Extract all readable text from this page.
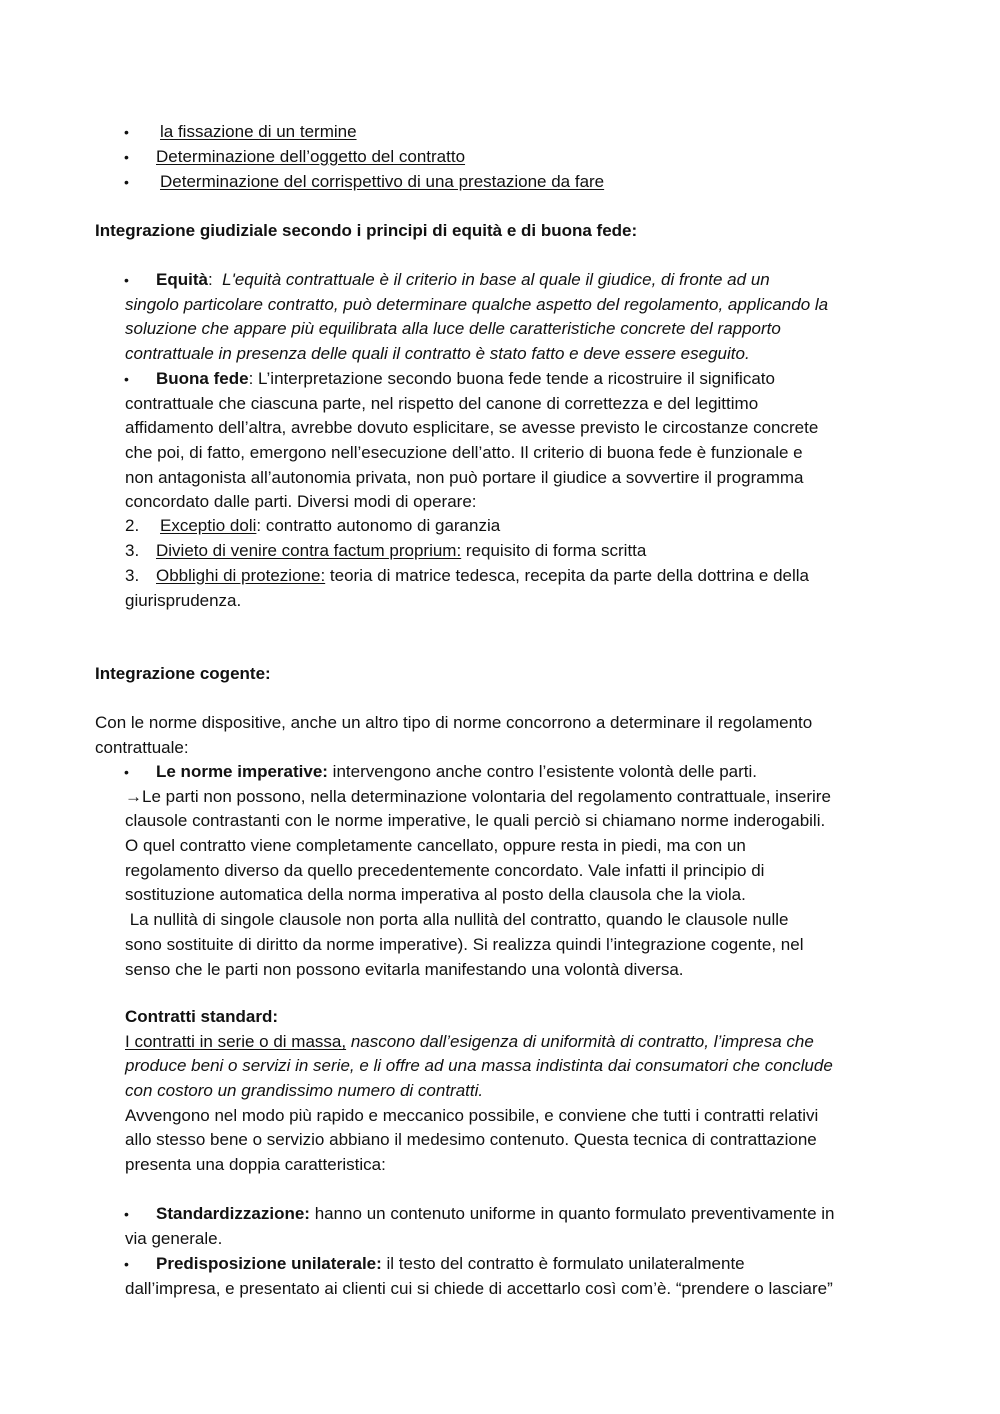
• la fissazione di un termine
• Determinazione dell’oggetto del contratto
• Determinazione del corrispettivo di una prestazione da fare
Integrazione giudiziale secondo i principi di equità e di buona fede:
•	Equità: L'equità contrattuale è il criterio in base al quale il giudice, di fronte ad un
singolo particolare contratto, può determinare qualche aspetto del regolamento, applicando la
soluzione che appare più equilibrata alla luce delle caratteristiche concrete del rapporto
contrattuale in presenza delle quali il contratto è stato fatto e deve essere eseguito.
•	Buona fede: L’interpretazione secondo buona fede tende a ricostruire il significato
contrattuale che ciascuna parte, nel rispetto del canone di correttezza e del legittimo
affidamento dell’altra, avrebbe dovuto esplicitare, se avesse previsto le circostanze concrete
che poi, di fatto, emergono nell’esecuzione dell’atto. Il criterio di buona fede è funzionale e
non antagonista all’autonomia privata, non può portare il giudice a sovvertire il programma
concordato dalle parti. Diversi modi di operare:
2. Exceptio doli: contratto autonomo di garanzia
3. Divieto di venire contra factum proprium: requisito di forma scritta
3. Obblighi di protezione: teoria di matrice tedesca, recepita da parte della dottrina e della
giurisprudenza.
Integrazione cogente:
Con le norme dispositive, anche un altro tipo di norme concorrono a determinare il regolamento
contrattuale:
•	Le norme imperative: intervengono anche contro l’esistente volontà delle parti.
→Le parti non possono, nella determinazione volontaria del regolamento contrattuale, inserire
clausole contrastanti con le norme imperative, le quali perciò si chiamano norme inderogabili.
O quel contratto viene completamente cancellato, oppure resta in piedi, ma con un
regolamento diverso da quello precedentemente concordato. Vale infatti il principio di
sostituzione automatica della norma imperativa al posto della clausola che la viola.
La nullità di singole clausole non porta alla nullità del contratto, quando le clausole nulle
sono sostituite di diritto da norme imperative). Si realizza quindi l’integrazione cogente, nel
senso che le parti non possono evitarla manifestando una volontà diversa.
Contratti standard:
I contratti in serie o di massa, nascono dall’esigenza di uniformità di contratto, l’impresa che
produce beni o servizi in serie, e li offre ad una massa indistinta dai consumatori che conclude
con costoro un grandissimo numero di contratti.
Avvengono nel modo più rapido e meccanico possibile, e conviene che tutti i contratti relativi
allo stesso bene o servizio abbiano il medesimo contenuto. Questa tecnica di contrattazione
presenta una doppia caratteristica:
•	Standardizzazione: hanno un contenuto uniforme in quanto formulato preventivamente in
via generale.
•	Predisposizione unilaterale: il testo del contratto è formulato unilateralmente
dall’impresa, e presentato ai clienti cui si chiede di accettarlo così com’è. “prendere o lasciare”
